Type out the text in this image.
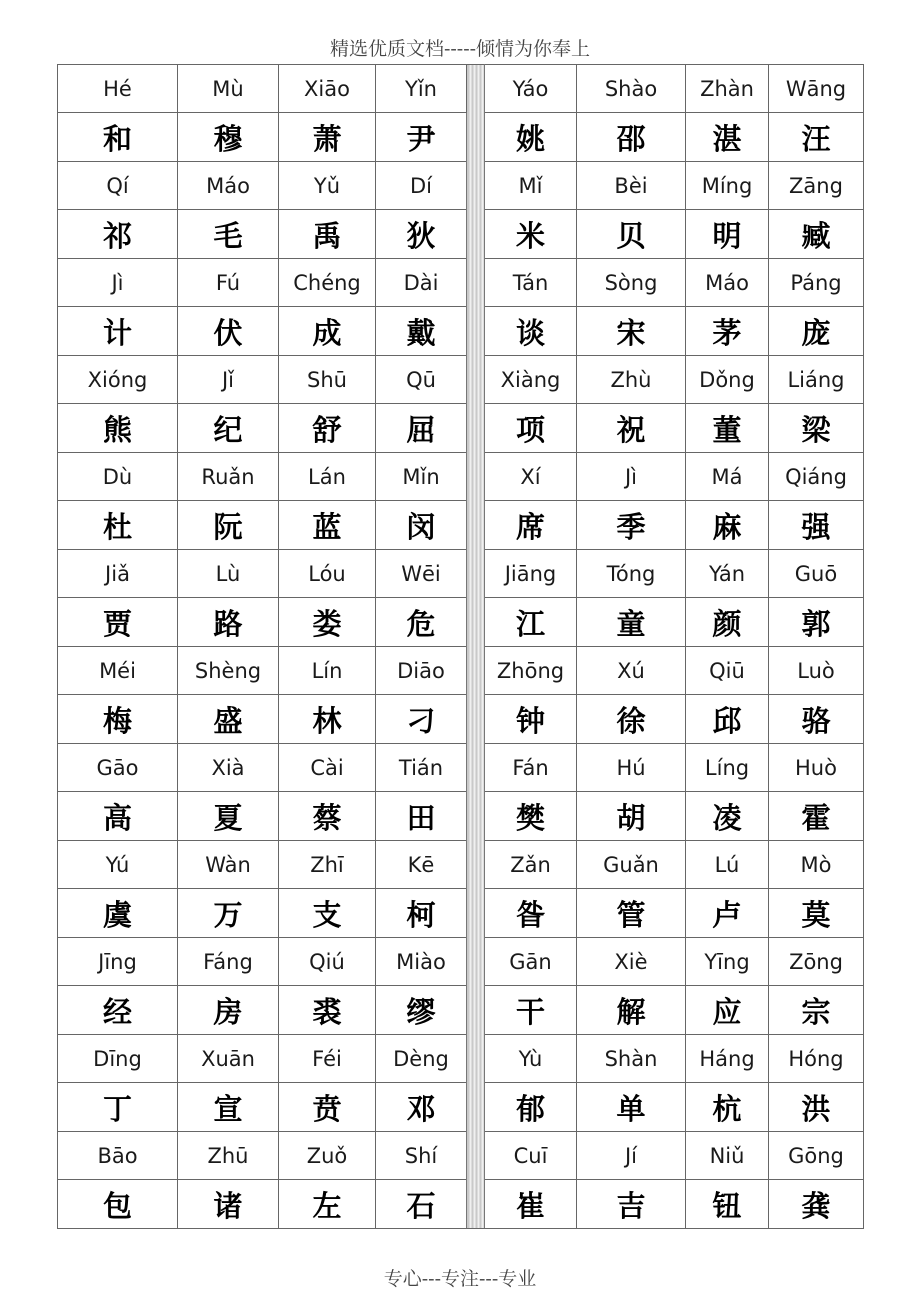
精选优质文档-----倾情为你奉上
Hé	Mù	Xiāo	Yǐn		Yáo	Shào	Zhàn	Wāng
和	穆	萧	尹		姚	邵	湛	汪
Qí	Máo	Yǔ	Dí		Mǐ	Bèi	Míng	Zāng
祁	毛	禹	狄		米	贝	明	臧
Jì	Fú	Chéng	Dài		Tán	Sòng	Máo	Páng
计	伏	成	戴		谈	宋	茅	庞
Xióng	Jǐ	Shū	Qū		Xiàng	Zhù	Dǒng	Liáng
熊	纪	舒	屈		项	祝	董	梁
Dù	Ruǎn	Lán	Mǐn		Xí	Jì	Má	Qiáng
杜	阮	蓝	闵		席	季	麻	强
Jiǎ	Lù	Lóu	Wēi		Jiāng	Tóng	Yán	Guō
贾	路	娄	危		江	童	颜	郭
Méi	Shèng	Lín	Diāo		Zhōng	Xú	Qiū	Luò
梅	盛	林	刁		钟	徐	邱	骆
Gāo	Xià	Cài	Tián		Fán	Hú	Líng	Huò
高	夏	蔡	田		樊	胡	凌	霍
Yú	Wàn	Zhī	Kē		Zǎn	Guǎn	Lú	Mò
虞	万	支	柯		昝	管	卢	莫
Jīng	Fáng	Qiú	Miào		Gān	Xiè	Yīng	Zōng
经	房	裘	缪		干	解	应	宗
Dīng	Xuān	Féi	Dèng		Yù	Shàn	Háng	Hóng
丁	宣	贲	邓		郁	单	杭	洪
Bāo	Zhū	Zuǒ	Shí		Cuī	Jí	Niǔ	Gōng
包	诸	左	石		崔	吉	钮	龚
专心---专注---专业
